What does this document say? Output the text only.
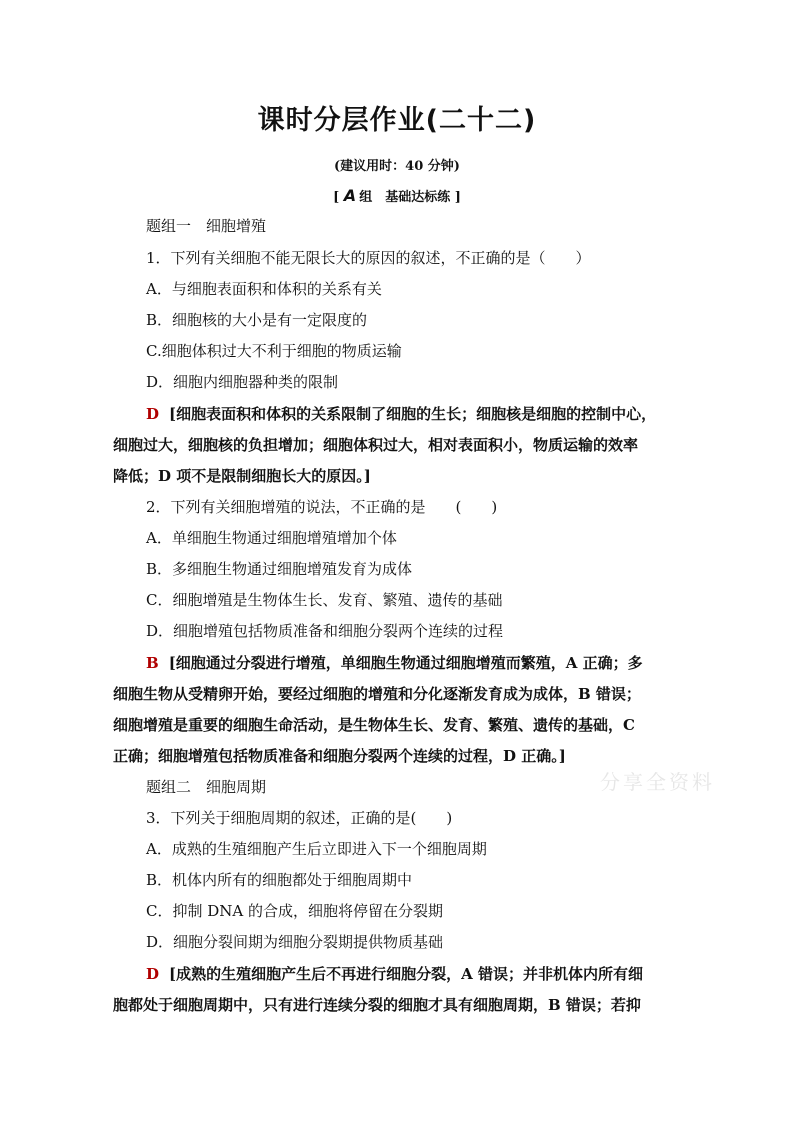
课时分层作业(二十二)
(建议用时：40 分钟)
[ A 组　基础达标练 ]
题组一　细胞增殖
1．下列有关细胞不能无限长大的原因的叙述，不正确的是（　　）
A．与细胞表面积和体积的关系有关
B．细胞核的大小是有一定限度的
C.细胞体积过大不利于细胞的物质运输
D．细胞内细胞器种类的限制
D [细胞表面积和体积的关系限制了细胞的生长；细胞核是细胞的控制中心，
细胞过大，细胞核的负担增加；细胞体积过大，相对表面积小，物质运输的效率
降低；D 项不是限制细胞长大的原因。]
2．下列有关细胞增殖的说法，不正确的是　　(　　)
A．单细胞生物通过细胞增殖增加个体
B．多细胞生物通过细胞增殖发育为成体
C．细胞增殖是生物体生长、发育、繁殖、遗传的基础
D．细胞增殖包括物质准备和细胞分裂两个连续的过程
B [细胞通过分裂进行增殖，单细胞生物通过细胞增殖而繁殖，A 正确；多
细胞生物从受精卵开始，要经过细胞的增殖和分化逐渐发育成为成体，B 错误；
细胞增殖是重要的细胞生命活动，是生物体生长、发育、繁殖、遗传的基础，C
正确；细胞增殖包括物质准备和细胞分裂两个连续的过程，D 正确。]
分享全资料
题组二　细胞周期
3．下列关于细胞周期的叙述，正确的是(　　)
A．成熟的生殖细胞产生后立即进入下一个细胞周期
B．机体内所有的细胞都处于细胞周期中
C．抑制 DNA 的合成，细胞将停留在分裂期
D．细胞分裂间期为细胞分裂期提供物质基础
D [成熟的生殖细胞产生后不再进行细胞分裂，A 错误；并非机体内所有细
胞都处于细胞周期中，只有进行连续分裂的细胞才具有细胞周期，B 错误；若抑
